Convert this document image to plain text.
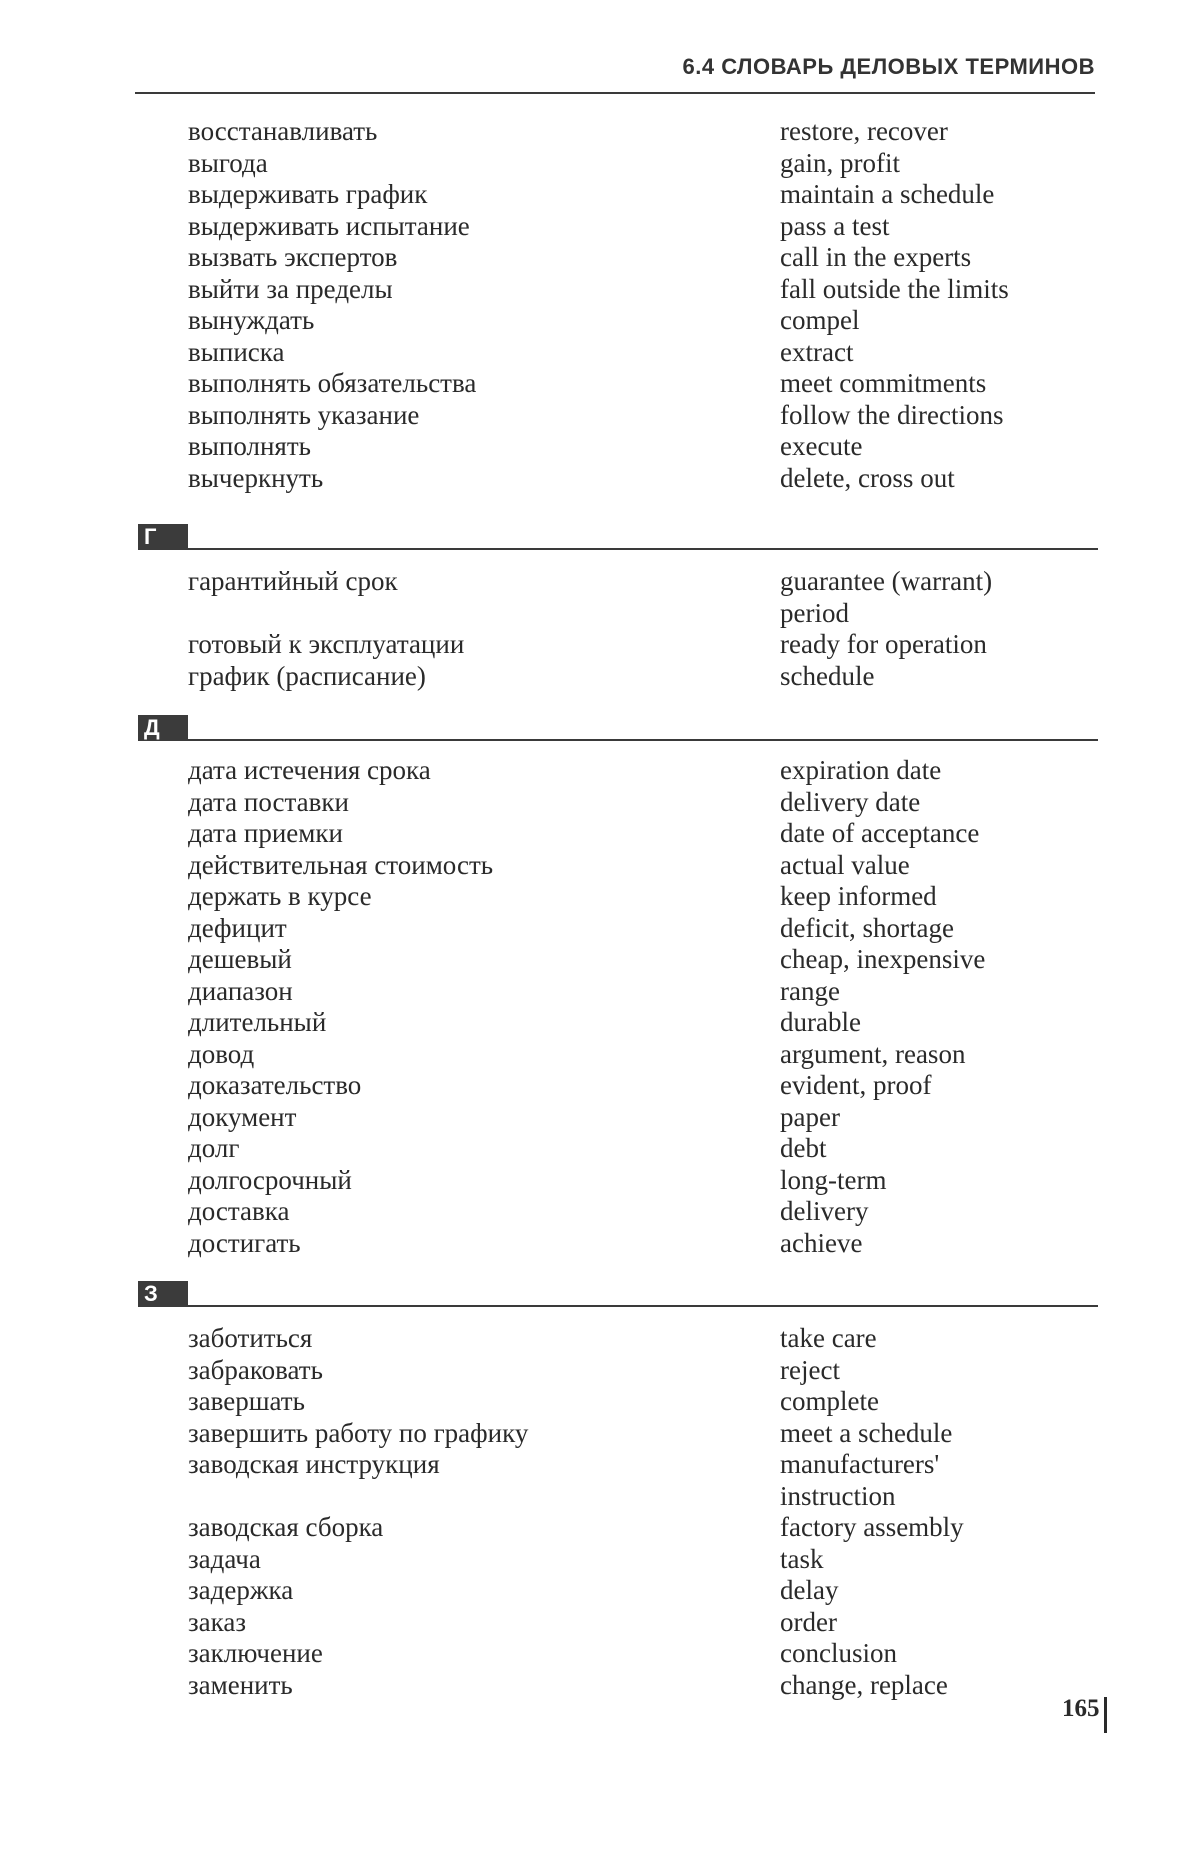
6.4 СЛОВАРЬ ДЕЛОВЫХ ТЕРМИНОВ
восстанавливать	restore, recover
выгода	gain, profit
выдерживать график	maintain a schedule
выдерживать испытание	pass a test
вызвать экспертов	call in the experts
выйти за пределы	fall outside the limits
вынуждать	compel
выписка	extract
выполнять обязательства	meet commitments
выполнять указание	follow the directions
выполнять	execute
вычеркнуть	delete, cross out
Г
гарантийный срок	guarantee (warrant)
period
готовый к эксплуатации	ready for operation
график (расписание)	schedule
Д
дата истечения срока	expiration date
дата поставки	delivery date
дата приемки	date of acceptance
действительная стоимость	actual value
держать в курсе	keep informed
дефицит	deficit, shortage
дешевый	cheap, inexpensive
диапазон	range
длительный	durable
довод	argument, reason
доказательство	evident, proof
документ	paper
долг	debt
долгосрочный	long-term
доставка	delivery
достигать	achieve
З
заботиться	take care
забраковать	reject
завершать	complete
завершить работу по графику	meet a schedule
заводская инструкция	manufacturers'
instruction
заводская сборка	factory assembly
задача	task
задержка	delay
заказ	order
заключение	conclusion
заменить	change, replace
165
